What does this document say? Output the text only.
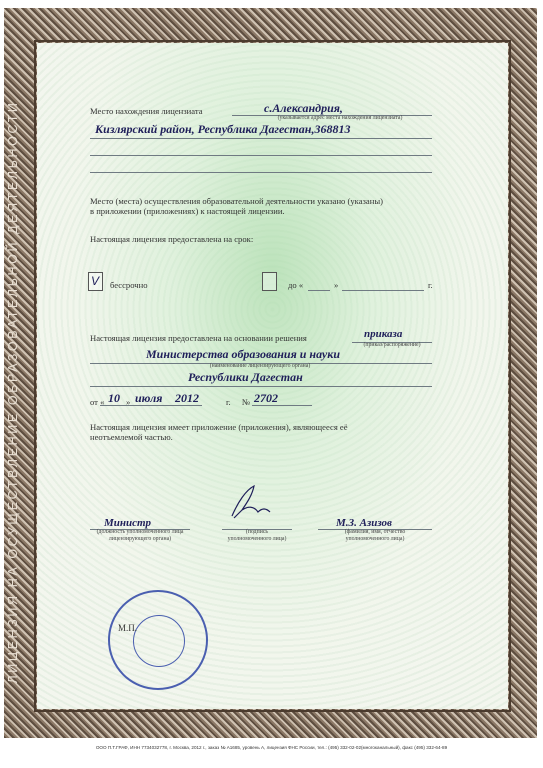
ЛИЦЕНЗИЯ НА ОСУЩЕСТВЛЕНИЕ ОБРАЗОВАТЕЛЬНОЙ ДЕЯТЕЛЬНОСТИ	Место нахождения лицензиата	с.Александрия,
(указывается адрес места нахождения лицензиата)
Кизлярский район, Республика Дагестан,368813
Место (места) осуществления образовательной деятельности указано (указаны)
в приложении (приложениях) к настоящей лицензии.
Настоящая лицензия предоставлена на срок:
V бессрочно	до «	»	г.
Настоящая лицензия предоставлена на основании решения	приказа
(приказ/распоряжение)
Министерства образования и науки
(наименование лицензирующего органа)
Республики Дагестан
от « 10 » июля 2012	г. № 2702
Настоящая лицензия имеет приложение (приложения), являющееся её
неотъемлемой частью.
Министр
(должность уполномоченного лица
лицензирующего органа)
(подпись
уполномоченного лица)
М.З. Азизов
(фамилия, имя, отчество
уполномоченного лица)
М.П.
ООО П.Т.ГРАФ, ИНН 7734032778, г. Москва, 2012 г., заказ № А1685, уровень А, лицензия ФНС России, тел.: (495) 332-02-02(многоканальный), факс (495) 332-64-89
